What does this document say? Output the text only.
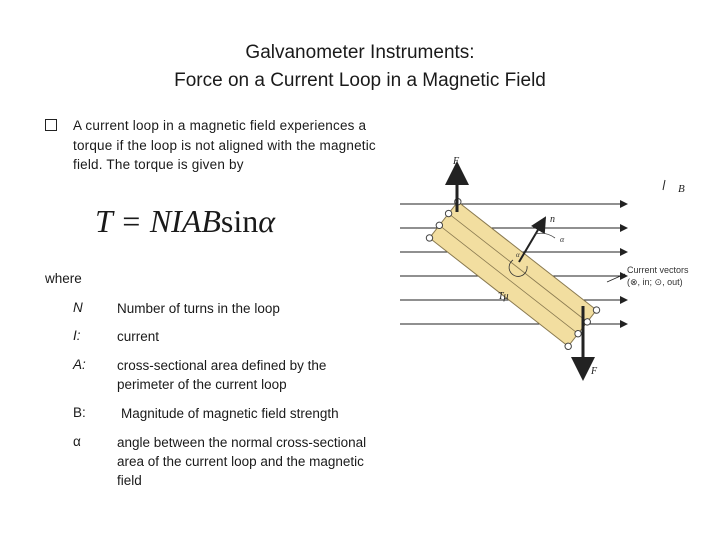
Galvanometer Instruments:
Force on a Current Loop in a Magnetic Field
A current loop in a magnetic field experiences a torque if the loop is not aligned with the magnetic field. The torque is given by
T = NIABsinα
where
N	Number of turns in the loop
I:	current
A: cross-sectional area defined by the perimeter of the current loop
B:	Magnitude of magnetic field strength
α	angle between the normal cross-sectional area of the current loop and the magnetic field
B
F
F
n
α
α
Tμ
Current vectors
(⊗, in; ⊙, out)
